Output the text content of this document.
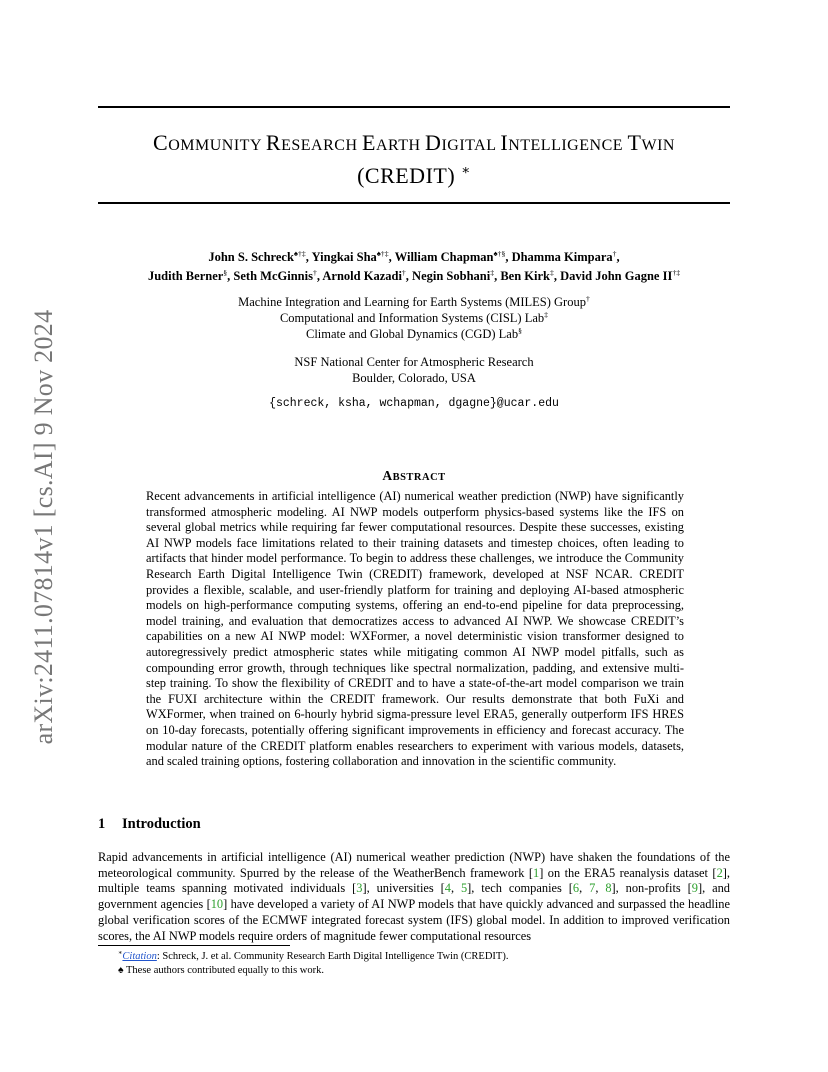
arXiv:2411.07814v1 [cs.AI] 9 Nov 2024
COMMUNITY RESEARCH EARTH DIGITAL INTELLIGENCE TWIN
(CREDIT) ∗
John S. Schreck♠†‡, Yingkai Sha♠†‡, William Chapman♠†§, Dhamma Kimpara†,
Judith Berner§, Seth McGinnis†, Arnold Kazadi†, Negin Sobhani‡, Ben Kirk‡, David John Gagne II†‡
Machine Integration and Learning for Earth Systems (MILES) Group†
Computational and Information Systems (CISL) Lab‡
Climate and Global Dynamics (CGD) Lab§
NSF National Center for Atmospheric Research
Boulder, Colorado, USA
{schreck, ksha, wchapman, dgagne}@ucar.edu
ABSTRACT

Recent advancements in artificial intelligence (AI) numerical weather prediction (NWP) have significantly transformed atmospheric modeling. AI NWP models outperform physics-based systems like the IFS on several global metrics while requiring far fewer computational resources. Despite these successes, existing AI NWP models face limitations related to their training datasets and timestep choices, often leading to artifacts that hinder model performance. To begin to address these challenges, we introduce the Community Research Earth Digital Intelligence Twin (CREDIT) framework, developed at NSF NCAR. CREDIT provides a flexible, scalable, and user-friendly platform for training and deploying AI-based atmospheric models on high-performance computing systems, offering an end-to-end pipeline for data preprocessing, model training, and evaluation that democratizes access to advanced AI NWP. We showcase CREDIT’s capabilities on a new AI NWP model: WXFormer, a novel deterministic vision transformer designed to autoregressively predict atmospheric states while mitigating common AI NWP model pitfalls, such as compounding error growth, through techniques like spectral normalization, padding, and extensive multi-step training. To show the flexibility of CREDIT and to have a state-of-the-art model comparison we train the FUXI architecture within the CREDIT framework. Our results demonstrate that both FuXi and WXFormer, when trained on 6-hourly hybrid sigma-pressure level ERA5, generally outperform IFS HRES on 10-day forecasts, potentially offering significant improvements in efficiency and forecast accuracy. The modular nature of the CREDIT platform enables researchers to experiment with various models, datasets, and scaled training options, fostering collaboration and innovation in the scientific community.

1 Introduction

Rapid advancements in artificial intelligence (AI) numerical weather prediction (NWP) have shaken the foundations of the meteorological community. Spurred by the release of the WeatherBench framework [1] on the ERA5 reanalysis dataset [2], multiple teams spanning motivated individuals [3], universities [4, 5], tech companies [6, 7, 8], non-profits [9], and government agencies [10] have developed a variety of AI NWP models that have quickly advanced and surpassed the headline global verification scores of the ECMWF integrated forecast system (IFS) global model. In addition to improved verification scores, the AI NWP models require orders of magnitude fewer computational resources

∗Citation: Schreck, J. et al. Community Research Earth Digital Intelligence Twin (CREDIT).
♠ These authors contributed equally to this work.
